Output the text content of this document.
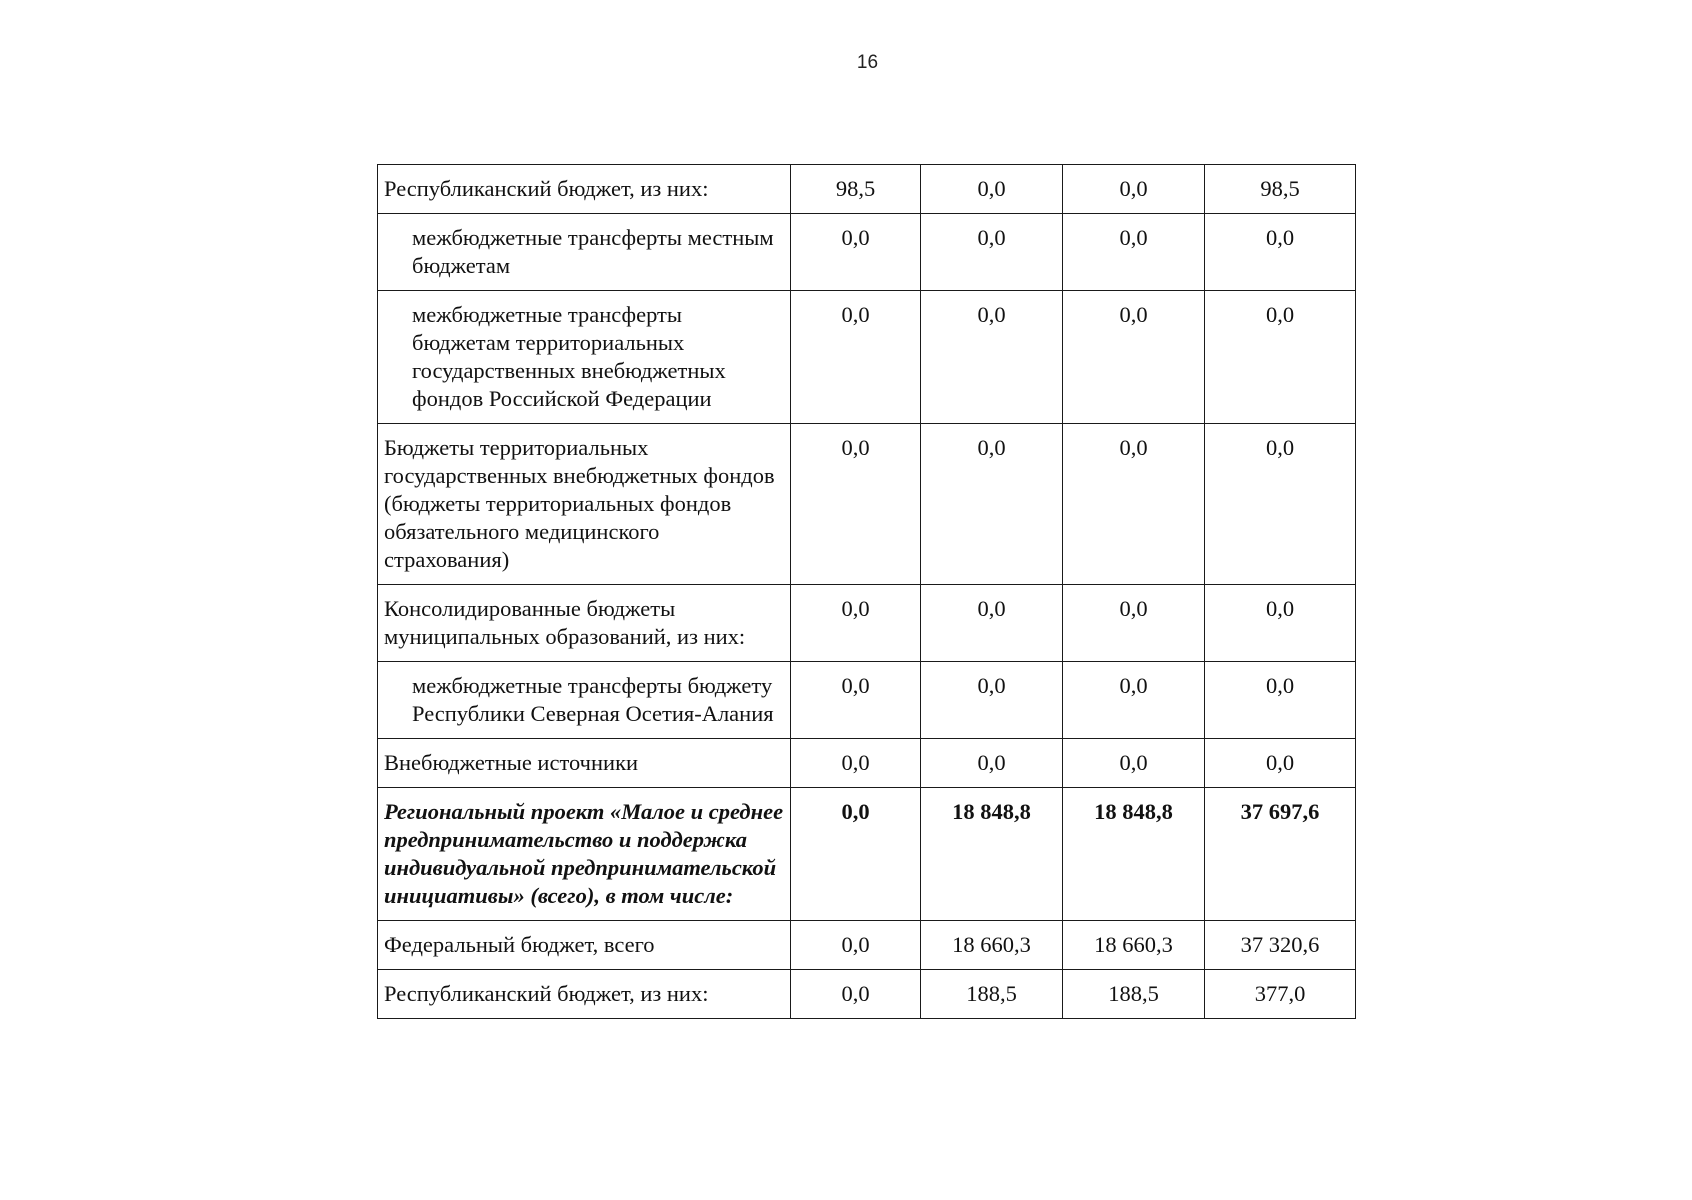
16
Республиканский бюджет, из них:	98,5	0,0	0,0	98,5
межбюджетные трансферты местным бюджетам	0,0	0,0	0,0	0,0
межбюджетные трансферты бюджетам территориальных государственных внебюджетных фондов Российской Федерации	0,0	0,0	0,0	0,0
Бюджеты территориальных государственных внебюджетных фондов (бюджеты территориальных фондов обязательного медицинского страхования)	0,0	0,0	0,0	0,0
Консолидированные бюджеты муниципальных образований, из них:	0,0	0,0	0,0	0,0
межбюджетные трансферты бюджету Республики Северная Осетия-Алания	0,0	0,0	0,0	0,0
Внебюджетные источники	0,0	0,0	0,0	0,0
Региональный проект «Малое и среднее предпринимательство и поддержка индивидуальной предпринимательской инициативы» (всего), в том числе:	0,0	18 848,8	18 848,8	37 697,6
Федеральный бюджет, всего	0,0	18 660,3	18 660,3	37 320,6
Республиканский бюджет, из них:	0,0	188,5	188,5	377,0
